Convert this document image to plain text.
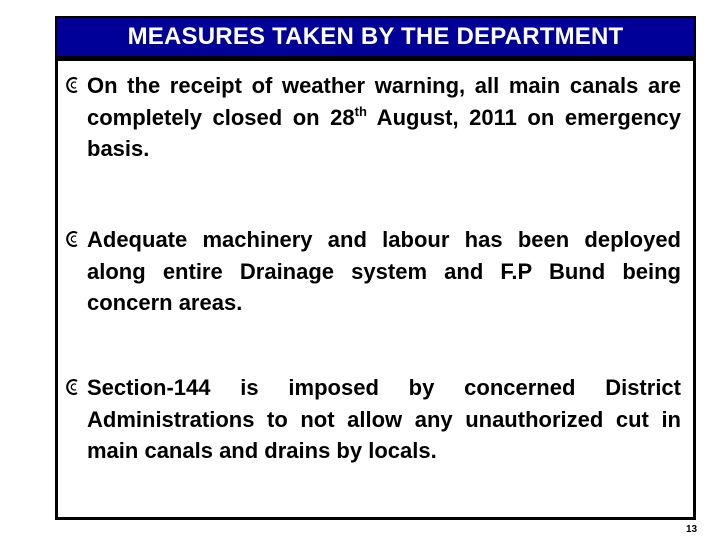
MEASURES TAKEN BY THE DEPARTMENT
On the receipt of weather warning, all main canals are completely closed on 28th August, 2011 on emergency basis.
Adequate machinery and labour has been deployed along entire Drainage system and F.P Bund being concern areas.
Section-144 is imposed by concerned District Administrations to not allow any unauthorized cut in main canals and drains by locals.
13
